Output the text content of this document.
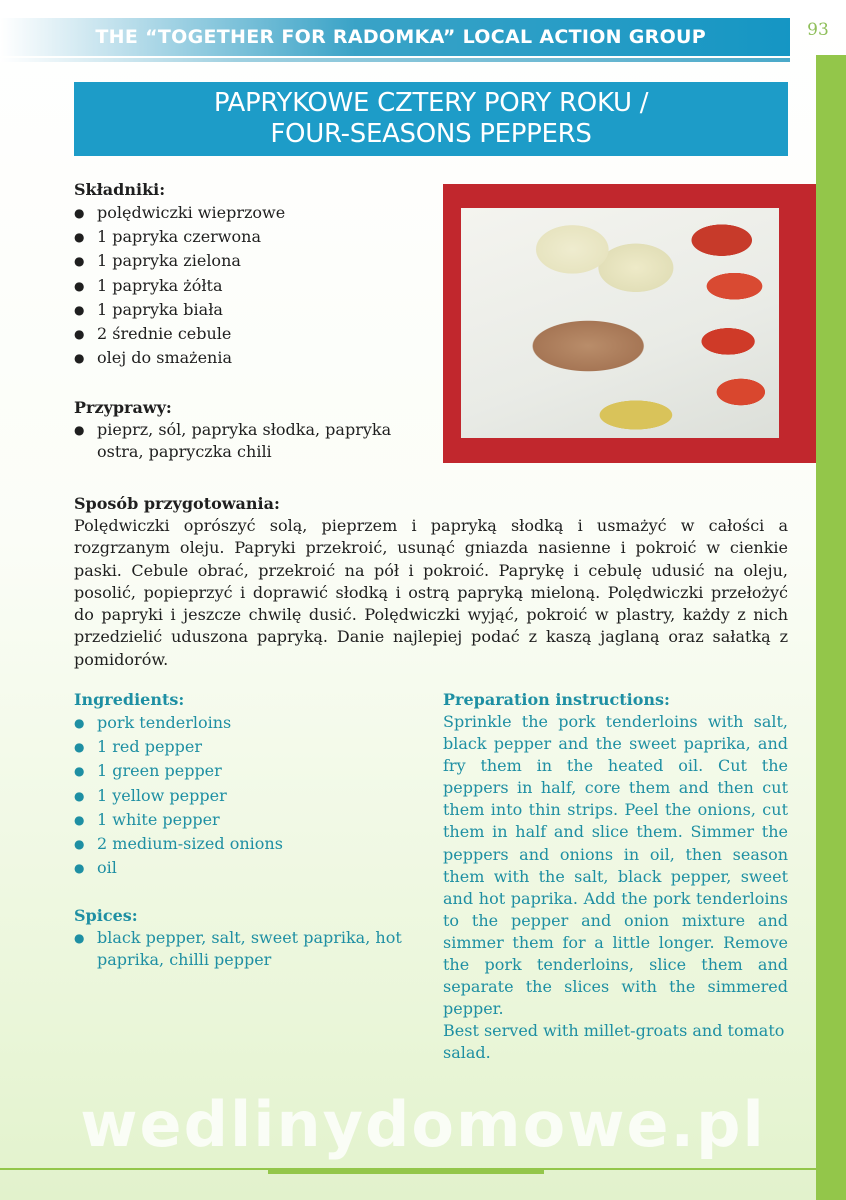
THE “TOGETHER FOR RADOMKA” LOCAL ACTION GROUP	93
PAPRYKOWE CZTERY PORY ROKU /
FOUR-SEASONS PEPPERS
Składniki:
● polędwiczki wieprzowe
● 1 papryka czerwona
● 1 papryka zielona
● 1 papryka żółta
● 1 papryka biała
● 2 średnie cebule
● olej do smażenia
Przyprawy:
● pieprz, sól, papryka słodka, papryka ostra, papryczka chili
Sposób przygotowania:

Polędwiczki oprószyć solą, pieprzem i papryką słodką i usmażyć w całości a rozgrzanym oleju. Papryki przekroić, usunąć gniazda nasienne i pokroić w cienkie paski. Cebule obrać, przekroić na pół i pokroić. Paprykę i cebulę udusić na oleju, posolić, popieprzyć i doprawić słodką i ostrą papryką mieloną. Polędwiczki przełożyć do papryki i jeszcze chwilę dusić. Polędwiczki wyjąć, pokroić w plastry, każdy z nich przedzielić uduszona papryką. Danie najlepiej podać z kaszą jaglaną oraz sałatką z pomidorów.

Ingredients:
● pork tenderloins
● 1 red pepper
● 1 green pepper
● 1 yellow pepper
● 1 white pepper
● 2 medium-sized onions
● oil
Spices:
● black pepper, salt, sweet paprika, hot paprika, chilli pepper
Preparation instructions:

Sprinkle the pork tenderloins with salt, black pepper and the sweet paprika, and fry them in the heated oil. Cut the peppers in half, core them and then cut them into thin strips. Peel the onions, cut them in half and slice them. Simmer the peppers and onions in oil, then season them with the salt, black pepper, sweet and hot paprika. Add the pork tenderloins to the pepper and onion mixture and simmer them for a little longer. Remove the pork tenderloins, slice them and separate the slices with the simmered pepper.

Best served with millet-groats and tomato salad.

wedlinydomowe.pl
